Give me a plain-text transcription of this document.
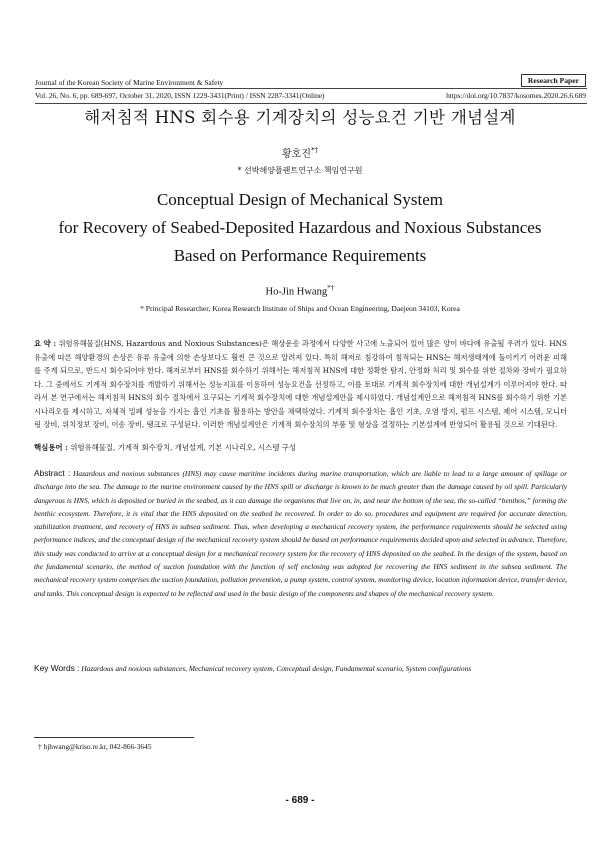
Journal of the Korean Society of Marine Environment & Safety	Research Paper
Vol. 26, No. 6, pp. 689-697, October 31, 2020, ISSN 1229-3431(Print) / ISSN 2287-3341(Online)	https://doi.org/10.7837/kosomes.2020.26.6.689
해저침적 HNS 회수용 기계장치의 성능요건 기반 개념설계
황호진*†
* 선박해양플랜트연구소 책임연구원
Conceptual Design of Mechanical System
for Recovery of Seabed-Deposited Hazardous and Noxious Substances
Based on Performance Requirements
Ho-Jin Hwang*†
* Principal Researcher, Korea Research Institute of Ships and Ocean Engineering, Daejeon 34103, Korea

요 약 : 위험유해물질(HNS, Hazardous and Noxious Substances)은 해상운송 과정에서 다양한 사고에 노출되어 있어 많은 양이 바다에 유출될 우려가 있다. HNS 유출에 따른 해양환경의 손상은 유류 유출에 의한 손상보다도 훨씬 큰 것으로 알려져 있다. 특히 해저로 침강하여 침적되는 HNS는 해저생태계에 돌이키기 어려운 피해를 주게 되므로, 반드시 회수되어야 한다. 해저로부터 HNS를 회수하기 위해서는 해저침적 HNS에 대한 정확한 탐지, 안정화 처리 및 회수를 위한 절차와 장비가 필요하다. 그 중에서도 기계적 회수장치를 개발하기 위해서는 성능지표를 이용하여 성능요건을 선정하고, 이를 토대로 기계적 회수장치에 대한 개념설계가 이루어져야 한다. 따라서 본 연구에서는 해저침적 HNS의 회수 절차에서 요구되는 기계적 회수장치에 대한 개념설계안을 제시하였다. 개념설계안으로 해저침적 HNS를 회수하기 위한 기본 시나리오를 제시하고, 자체적 밀폐 성능을 가지는 흡인 기초를 활용하는 방안을 채택하였다. 기계적 회수장치는 흡인 기초, 오염 방지, 펌프 시스템, 제어 시스템, 모니터링 장비, 위치정보 장비, 이송 장비, 탱크로 구성된다. 이러한 개념설계안은 기계적 회수장치의 부품 및 형상을 결정하는 기본설계에 반영되어 활용될 것으로 기대된다.

핵심용어 : 위험유해물질, 기계적 회수장치, 개념설계, 기본 시나리오, 시스템 구성

Abstract : Hazardous and noxious substances (HNS) may cause maritime incidents during marine transportation, which are liable to lead to a large amount of spillage or discharge into the sea. The damage to the marine environment caused by the HNS spill or discharge is known to be much greater than the damage caused by oil spill. Particularly dangerous is HNS, which is deposited or buried in the seabed, as it can damage the organisms that live on, in, and near the bottom of the sea, the so-called “benthos,” forming the benthic ecosystem. Therefore, it is vital that the HNS deposited on the seabed be recovered. In order to do so, procedures and equipment are required for accurate detection, stabilization treatment, and recovery of HNS in subsea sediment. Thus, when developing a mechanical recovery system, the performance requirements should be selected using performance indices, and the conceptual design of the mechanical recovery system should be based on performance requirements decided upon and selected in advance. Therefore, this study was conducted to arrive at a conceptual design for a mechanical recovery system for the recovery of HNS deposited on the seabed. In the design of the system, based on the fundamental scenario, the method of suction foundation with the function of self enclosing was adopted for recovering the HNS sediment in the subsea sediment. The mechanical recovery system comprises the suction foundation, pollution prevention, a pump system, control system, monitoring device, location information device, transfer device, and tanks. This conceptual design is expected to be reflected and used in the basic design of the components and shapes of the mechanical recovery system.

Key Words : Hazardous and noxious substances, Mechanical recovery system, Conceptual design, Fundamental scenario, System configurations
† hjhwang@kriso.re.kr, 042-866-3645
- 689 -
